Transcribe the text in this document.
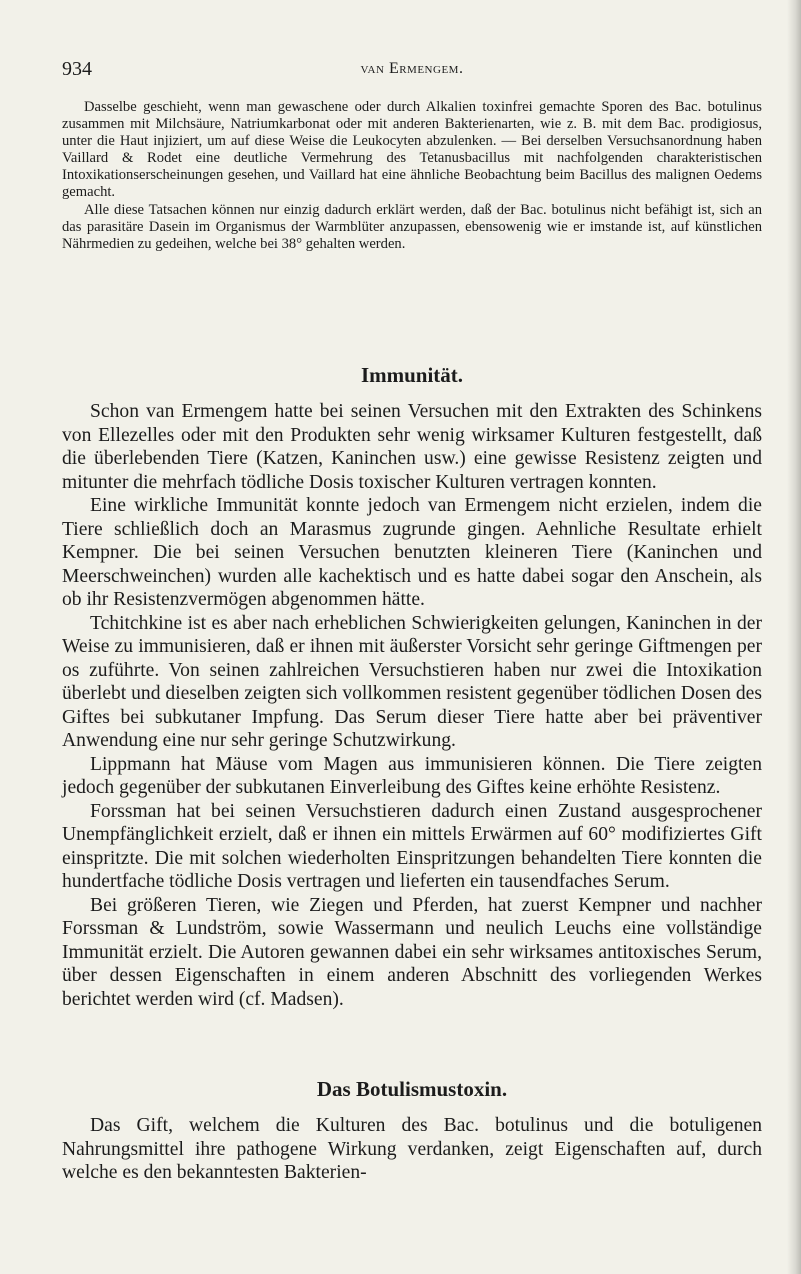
934	van Ermengem.

Dasselbe geschieht, wenn man gewaschene oder durch Alkalien toxinfrei gemachte Sporen des Bac. botulinus zusammen mit Milchsäure, Natriumkarbonat oder mit anderen Bakterienarten, wie z. B. mit dem Bac. prodigiosus, unter die Haut injiziert, um auf diese Weise die Leukocyten abzulenken. — Bei derselben Versuchsanordnung haben Vaillard & Rodet eine deutliche Vermehrung des Tetanusbacillus mit nachfolgenden charakteristischen Intoxikationserscheinungen gesehen, und Vaillard hat eine ähnliche Beobachtung beim Bacillus des malignen Oedems gemacht.

Alle diese Tatsachen können nur einzig dadurch erklärt werden, daß der Bac. botulinus nicht befähigt ist, sich an das parasitäre Dasein im Organismus der Warmblüter anzupassen, ebensowenig wie er imstande ist, auf künstlichen Nährmedien zu gedeihen, welche bei 38° gehalten werden.

Immunität.

Schon van Ermengem hatte bei seinen Versuchen mit den Extrakten des Schinkens von Ellezelles oder mit den Produkten sehr wenig wirksamer Kulturen festgestellt, daß die überlebenden Tiere (Katzen, Kaninchen usw.) eine gewisse Resistenz zeigten und mitunter die mehrfach tödliche Dosis toxischer Kulturen vertragen konnten.

Eine wirkliche Immunität konnte jedoch van Ermengem nicht erzielen, indem die Tiere schließlich doch an Marasmus zugrunde gingen. Aehnliche Resultate erhielt Kempner. Die bei seinen Versuchen benutzten kleineren Tiere (Kaninchen und Meerschweinchen) wurden alle kachektisch und es hatte dabei sogar den Anschein, als ob ihr Resistenzvermögen abgenommen hätte.

Tchitchkine ist es aber nach erheblichen Schwierigkeiten gelungen, Kaninchen in der Weise zu immunisieren, daß er ihnen mit äußerster Vorsicht sehr geringe Giftmengen per os zuführte. Von seinen zahlreichen Versuchstieren haben nur zwei die Intoxikation überlebt und dieselben zeigten sich vollkommen resistent gegenüber tödlichen Dosen des Giftes bei subkutaner Impfung. Das Serum dieser Tiere hatte aber bei präventiver Anwendung eine nur sehr geringe Schutzwirkung.

Lippmann hat Mäuse vom Magen aus immunisieren können. Die Tiere zeigten jedoch gegenüber der subkutanen Einverleibung des Giftes keine erhöhte Resistenz.

Forssman hat bei seinen Versuchstieren dadurch einen Zustand ausgesprochener Unempfänglichkeit erzielt, daß er ihnen ein mittels Erwärmen auf 60° modifiziertes Gift einspritzte. Die mit solchen wiederholten Einspritzungen behandelten Tiere konnten die hundertfache tödliche Dosis vertragen und lieferten ein tausendfaches Serum.

Bei größeren Tieren, wie Ziegen und Pferden, hat zuerst Kempner und nachher Forssman & Lundström, sowie Wassermann und neulich Leuchs eine vollständige Immunität erzielt. Die Autoren gewannen dabei ein sehr wirksames antitoxisches Serum, über dessen Eigenschaften in einem anderen Abschnitt des vorliegenden Werkes berichtet werden wird (cf. Madsen).

Das Botulismustoxin.

Das Gift, welchem die Kulturen des Bac. botulinus und die botuligenen Nahrungsmittel ihre pathogene Wirkung verdanken, zeigt Eigenschaften auf, durch welche es den bekanntesten Bakterien-
